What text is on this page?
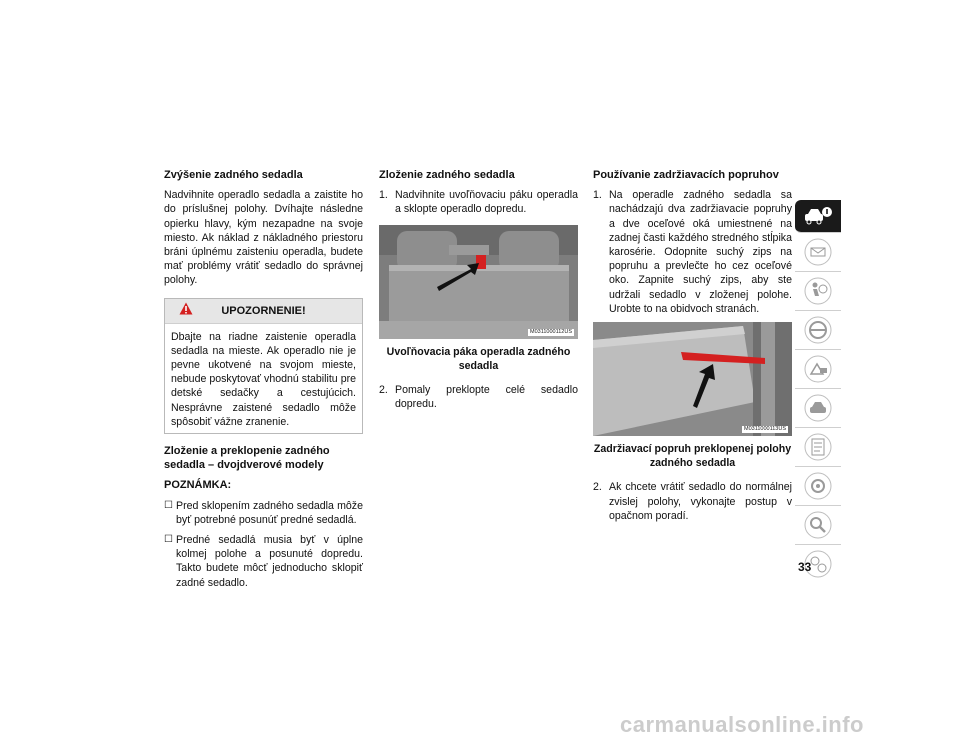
Zvýšenie zadného sedadla

Nadvihnite operadlo sedadla a zaistite ho do príslušnej polohy. Dvíhajte následne opierku hlavy, kým nezapadne na svoje miesto. Ak náklad z nákladného priestoru bráni úplnému zaisteniu operadla, budete mať problémy vrátiť sedadlo do správnej polohy.

UPOZORNENIE!
Dbajte na riadne zaistenie operadla sedadla na mieste. Ak operadlo nie je pevne ukotvené na svojom mieste, nebude poskytovať vhodnú stabilitu pre detské sedačky a cestujúcich. Nesprávne zaistené sedadlo môže spôsobiť vážne zranenie.
Zloženie a preklopenie zadného sedadla – dvojdverové modely
POZNÁMKA:
☐ Pred sklopením zadného sedadla môže byť potrebné posunúť predné sedadlá.
☐ Predné sedadlá musia byť v úplne kolmej polohe a posunuté dopredu. Takto budete môcť jednoducho sklopiť zadné sedadlo.
Zloženie zadného sedadla
1. Nadvihnite uvoľňovaciu páku operadla a sklopte operadlo dopredu.
M0311000112US
Uvoľňovacia páka operadla zadného sedadla
2. Pomaly preklopte celé sedadlo dopredu.
Používanie zadržiavacích popruhov
1. Na operadle zadného sedadla sa nachádzajú dva zadržiavacie popruhy a dve oceľové oká umiestnené na zadnej časti každého stredného stĺpika karosérie. Odopnite suchý zips na popruhu a prevlečte ho cez oceľové oko. Zapnite suchý zips, aby ste udržali sedadlo v zloženej polohe. Urobte to na obidvoch stranách.
M0311000113US
Zadržiavací popruh preklopenej polohy zadného sedadla
2. Ak chcete vrátiť sedadlo do normálnej zvislej polohy, vykonajte postup v opačnom poradí.
33
carmanualsonline.info
